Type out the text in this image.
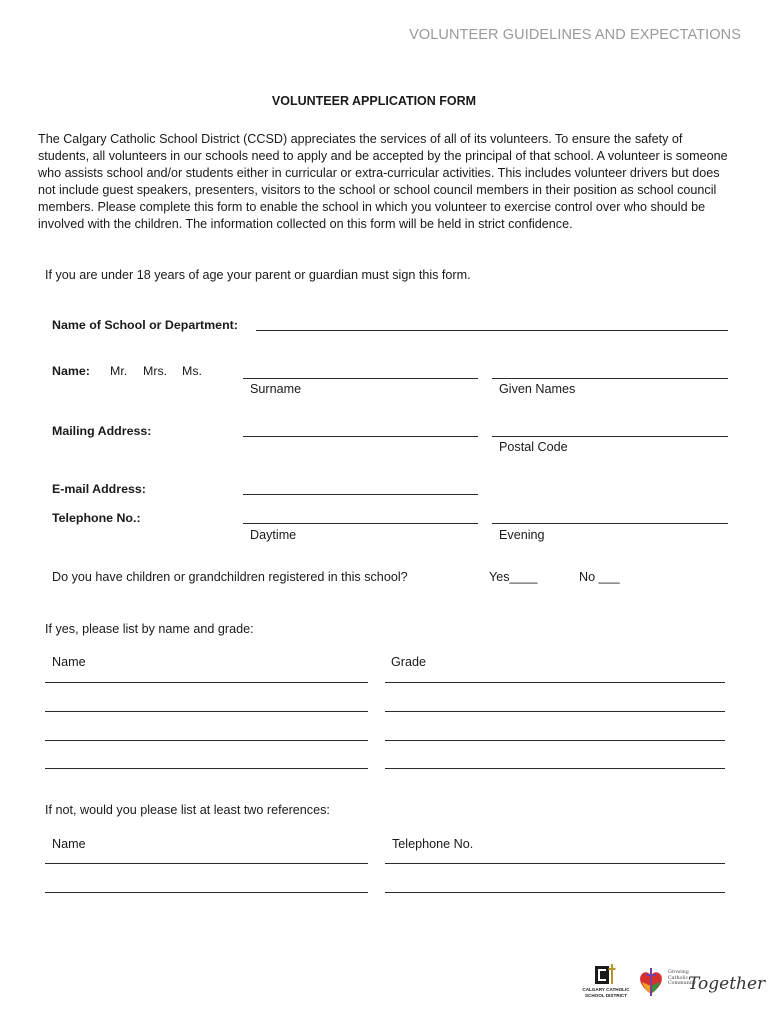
VOLUNTEER GUIDELINES AND EXPECTATIONS
VOLUNTEER APPLICATION FORM
The Calgary Catholic School District (CCSD) appreciates the services of all of its volunteers. To ensure the safety of students, all volunteers in our schools need to apply and be accepted by the principal of that school. A volunteer is someone who assists school and/or students either in curricular or extra-curricular activities. This includes volunteer drivers but does not include guest speakers, presenters, visitors to the school or school council members in their position as school council members. Please complete this form to enable the school in which you volunteer to exercise control over who should be involved with the children. The information collected on this form will be held in strict confidence.
If you are under 18 years of age your parent or guardian must sign this form.
Name of School or Department:
Name: Mr. Mrs. Ms.
Surname	Given Names
Mailing Address:
Postal Code
E-mail Address:
Telephone No.:
Daytime	Evening
Do you have children or grandchildren registered in this school?	Yes____	No ___
If yes, please list by name and grade:
Name	Grade
If not, would you please list at least two references:
Name	Telephone No.
CALGARY CATHOLIC
SCHOOL DISTRICT
Growing
Catholic
Community
Together
